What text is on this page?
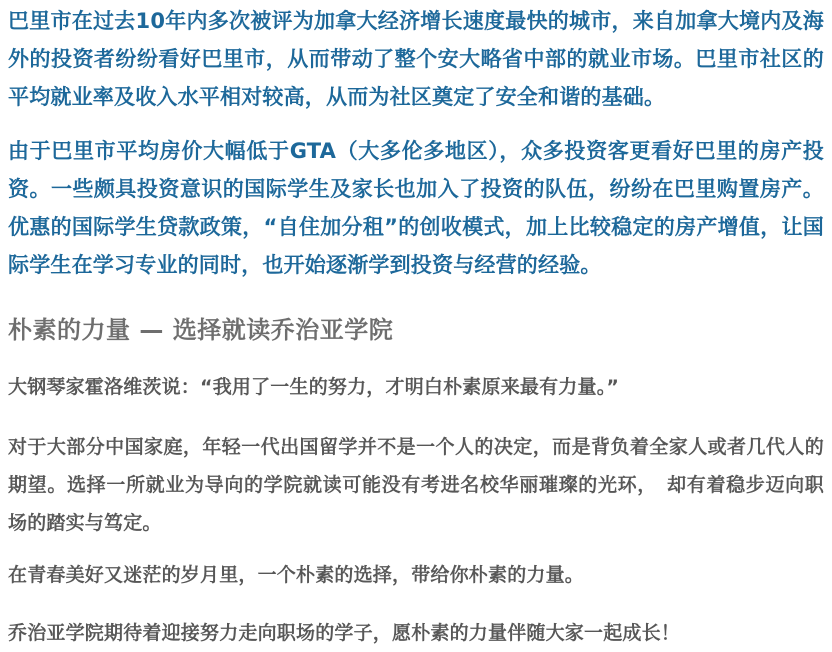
巴里市在过去10年内多次被评为加拿大经济增长速度最快的城市，来自加拿大境内及海外的投资者纷纷看好巴里市，从而带动了整个安大略省中部的就业市场。巴里市社区的平均就业率及收入水平相对较高，从而为社区奠定了安全和谐的基础。

由于巴里市平均房价大幅低于GTA（大多伦多地区），众多投资客更看好巴里的房产投资。一些颇具投资意识的国际学生及家长也加入了投资的队伍，纷纷在巴里购置房产。优惠的国际学生贷款政策，“自住加分租”的创收模式，加上比较稳定的房产增值，让国际学生在学习专业的同时，也开始逐渐学到投资与经营的经验。

朴素的力量 — 选择就读乔治亚学院

大钢琴家霍洛维茨说：“我用了一生的努力，才明白朴素原来最有力量。”

对于大部分中国家庭，年轻一代出国留学并不是一个人的决定，而是背负着全家人或者几代人的期望。选择一所就业为导向的学院就读可能没有考进名校华丽璀璨的光环，　却有着稳步迈向职场的踏实与笃定。

在青春美好又迷茫的岁月里，一个朴素的选择，带给你朴素的力量。

乔治亚学院期待着迎接努力走向职场的学子，愿朴素的力量伴随大家一起成长！
